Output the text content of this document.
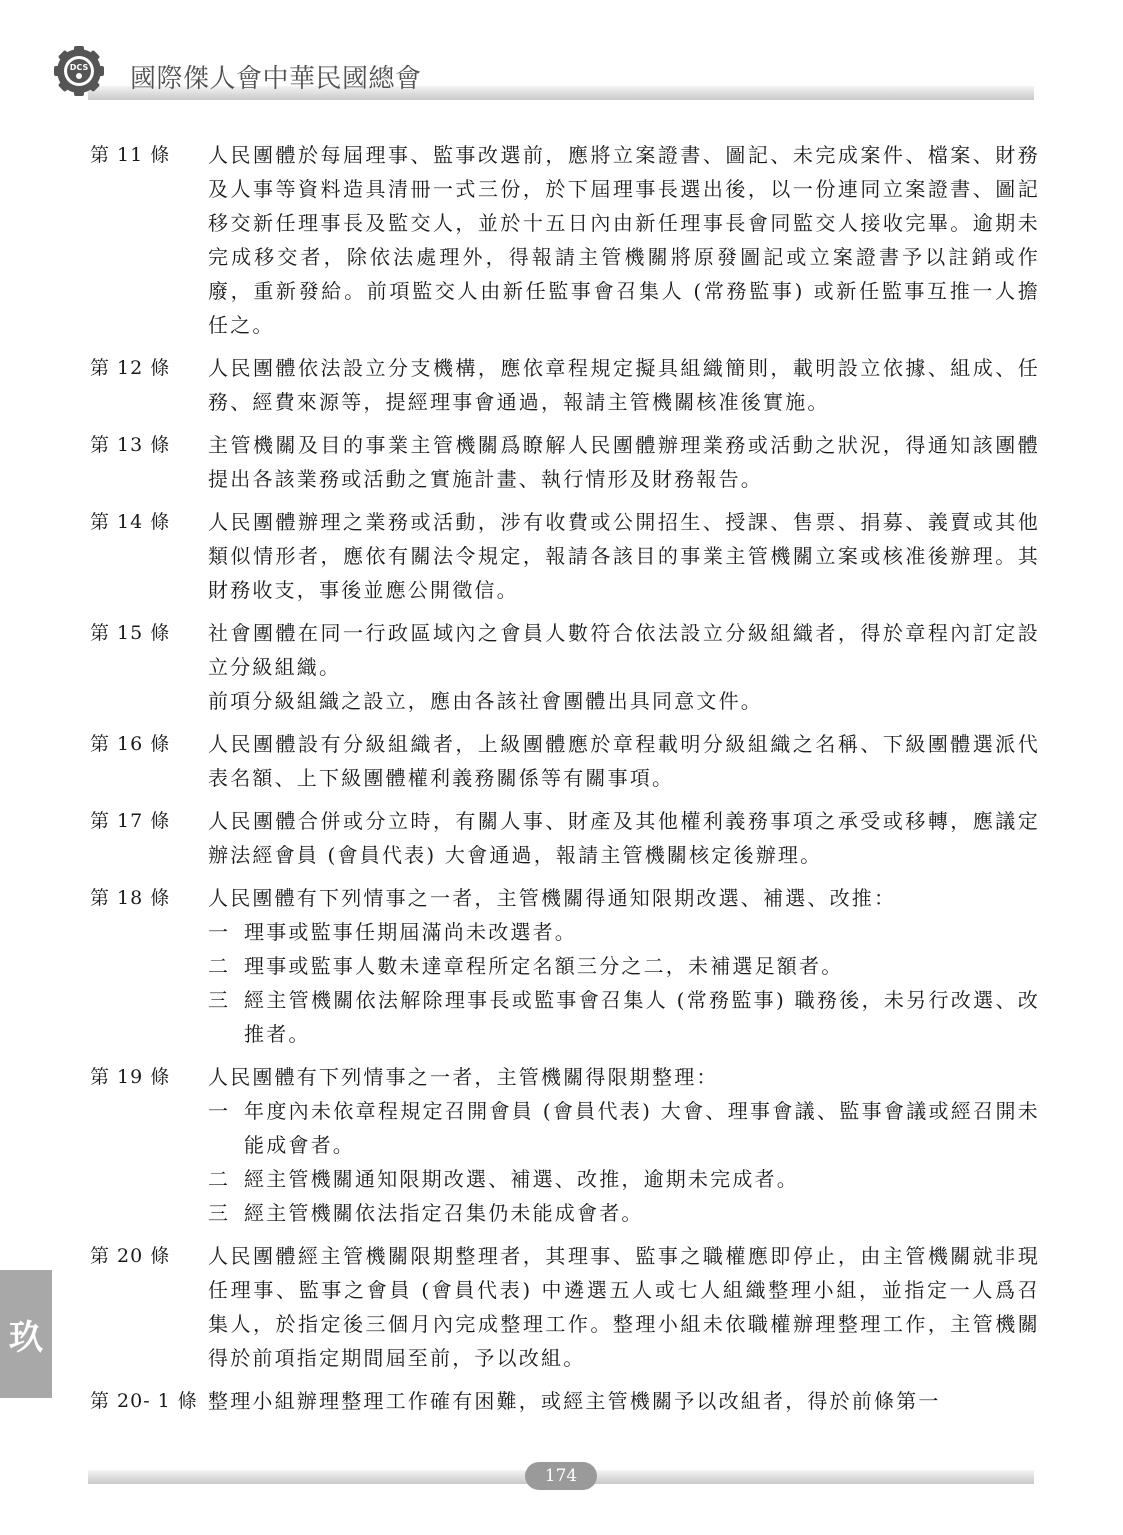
DCS 國際傑人會中華民國總會
第 11 條	人民團體於每屆理事、監事改選前，應將立案證書、圖記、未完成案件、檔案、財務及人事等資料造具清冊一式三份，於下屆理事長選出後，以一份連同立案證書、圖記移交新任理事長及監交人，並於十五日內由新任理事長會同監交人接收完畢。逾期未完成移交者，除依法處理外，得報請主管機關將原發圖記或立案證書予以註銷或作廢，重新發給。前項監交人由新任監事會召集人 (常務監事) 或新任監事互推一人擔任之。

第 12 條	人民團體依法設立分支機構，應依章程規定擬具組織簡則，載明設立依據、組成、任務、經費來源等，提經理事會通過，報請主管機關核准後實施。

第 13 條	主管機關及目的事業主管機關爲瞭解人民團體辦理業務或活動之狀況，得通知該團體提出各該業務或活動之實施計畫、執行情形及財務報告。

第 14 條	人民團體辦理之業務或活動，涉有收費或公開招生、授課、售票、捐募、義賣或其他類似情形者，應依有關法令規定，報請各該目的事業主管機關立案或核准後辦理。其財務收支，事後並應公開徵信。

第 15 條	社會團體在同一行政區域內之會員人數符合依法設立分級組織者，得於章程內訂定設立分級組織。

前項分級組織之設立，應由各該社會團體出具同意文件。

第 16 條	人民團體設有分級組織者，上級團體應於章程載明分級組織之名稱、下級團體選派代表名額、上下級團體權利義務關係等有關事項。

第 17 條	人民團體合併或分立時，有關人事、財產及其他權利義務事項之承受或移轉，應議定辦法經會員 (會員代表) 大會通過，報請主管機關核定後辦理。

第 18 條	人民團體有下列情事之一者，主管機關得通知限期改選、補選、改推：

一 理事或監事任期屆滿尚未改選者。
二 理事或監事人數未達章程所定名額三分之二，未補選足額者。
三 經主管機關依法解除理事長或監事會召集人 (常務監事) 職務後，未另行改選、改推者。
第 19 條	人民團體有下列情事之一者，主管機關得限期整理：

一 年度內未依章程規定召開會員 (會員代表) 大會、理事會議、監事會議或經召開未能成會者。
二 經主管機關通知限期改選、補選、改推，逾期未完成者。
三 經主管機關依法指定召集仍未能成會者。
第 20 條	人民團體經主管機關限期整理者，其理事、監事之職權應即停止，由主管機關就非現任理事、監事之會員 (會員代表) 中遴選五人或七人組織整理小組，並指定一人爲召集人，於指定後三個月內完成整理工作。整理小組未依職權辦理整理工作，主管機關得於前項指定期間屆至前，予以改組。

第 20- 1 條 整理小組辦理整理工作確有困難，或經主管機關予以改組者，得於前條第一

玖
174
